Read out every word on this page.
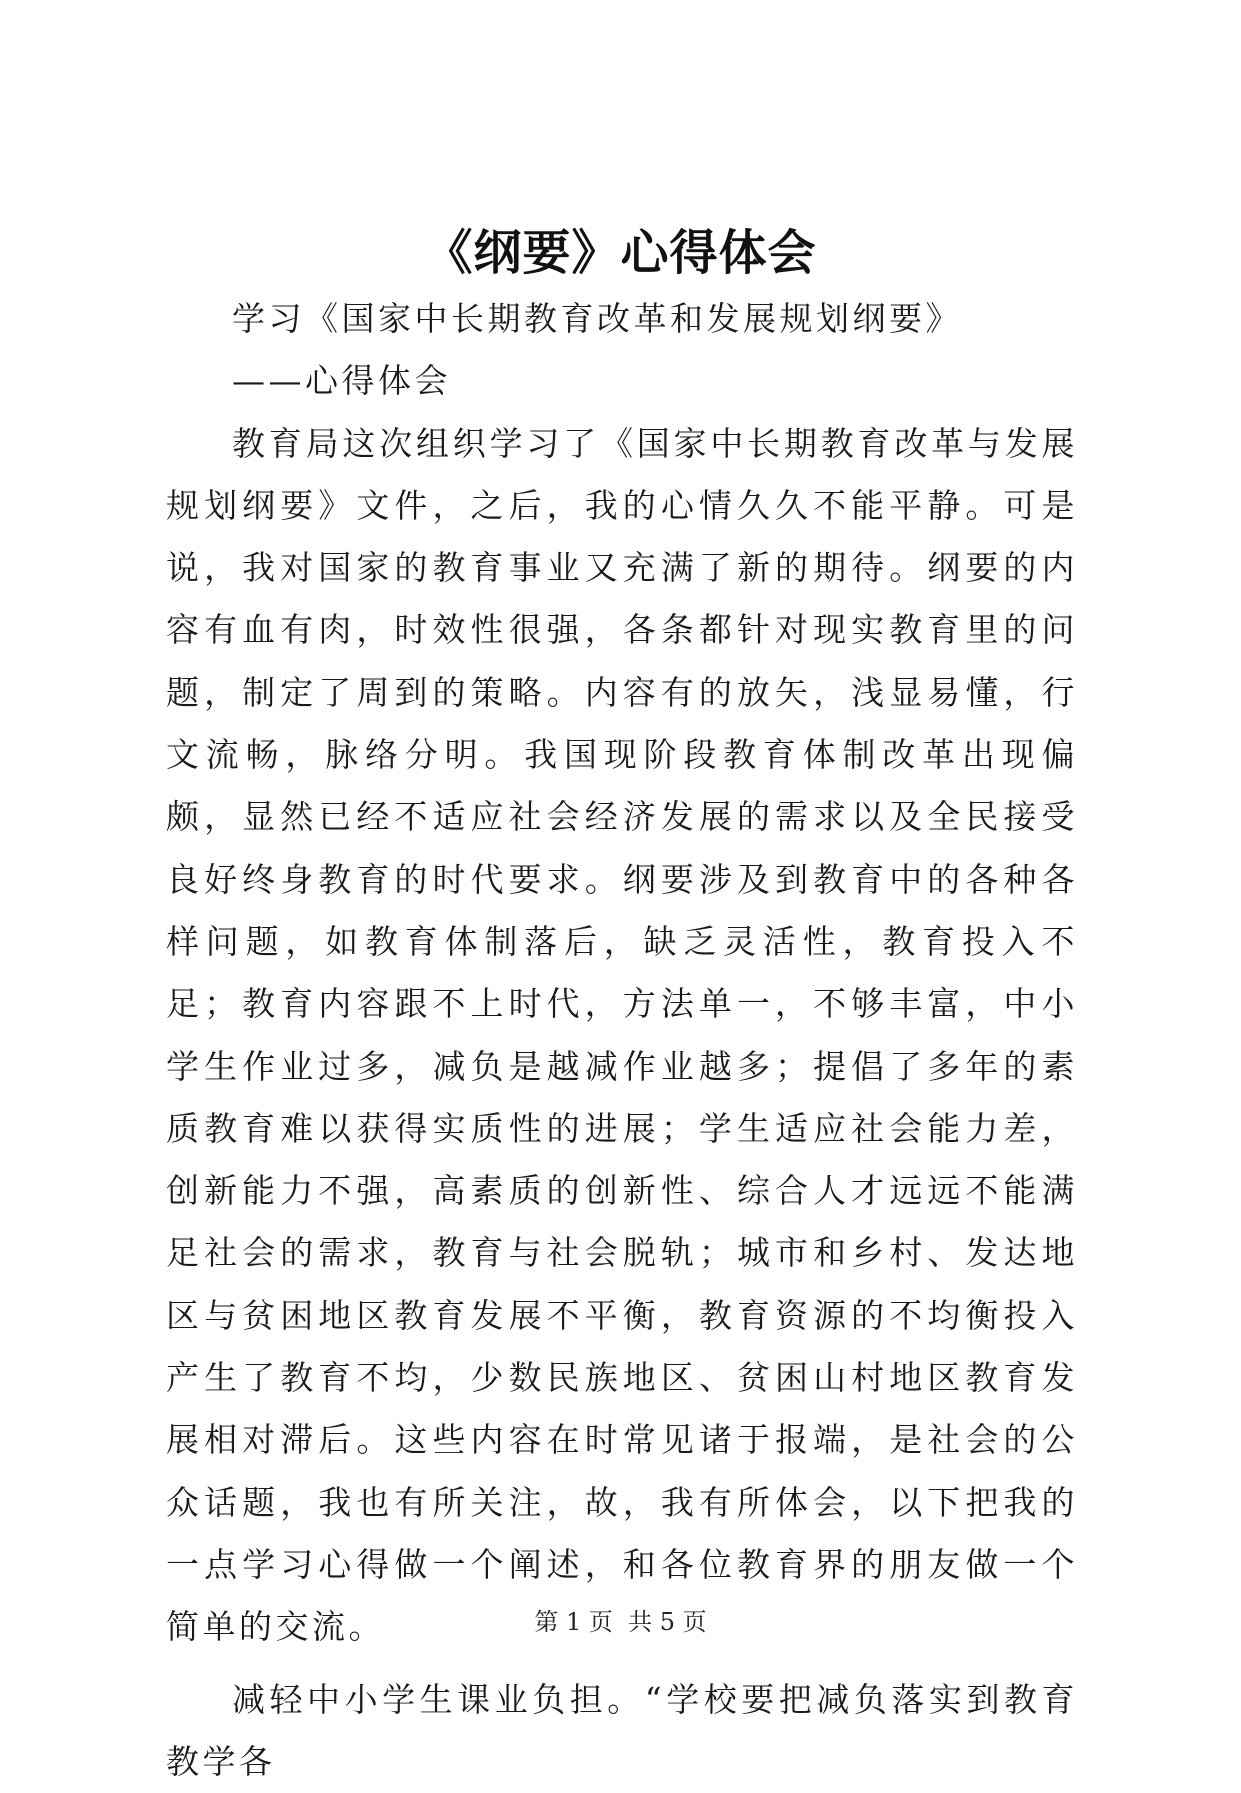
《纲要》心得体会

学习《国家中长期教育改革和发展规划纲要》

——心得体会

教育局这次组织学习了《国家中长期教育改革与发展规划纲要》文件，之后，我的心情久久不能平静。可是说，我对国家的教育事业又充满了新的期待。纲要的内容有血有肉，时效性很强，各条都针对现实教育里的问题，制定了周到的策略。内容有的放矢，浅显易懂，行文流畅，脉络分明。我国现阶段教育体制改革出现偏颇，显然已经不适应社会经济发展的需求以及全民接受良好终身教育的时代要求。纲要涉及到教育中的各种各样问题，如教育体制落后，缺乏灵活性，教育投入不足；教育内容跟不上时代，方法单一，不够丰富，中小学生作业过多，减负是越减作业越多；提倡了多年的素质教育难以获得实质性的进展；学生适应社会能力差，创新能力不强，高素质的创新性、综合人才远远不能满足社会的需求，教育与社会脱轨；城市和乡村、发达地区与贫困地区教育发展不平衡，教育资源的不均衡投入产生了教育不均，少数民族地区、贫困山村地区教育发展相对滞后。这些内容在时常见诸于报端，是社会的公众话题，我也有所关注，故，我有所体会，以下把我的一点学习心得做一个阐述，和各位教育界的朋友做一个简单的交流。

减轻中小学生课业负担。“学校要把减负落实到教育教学各

第 1 页  共 5 页
